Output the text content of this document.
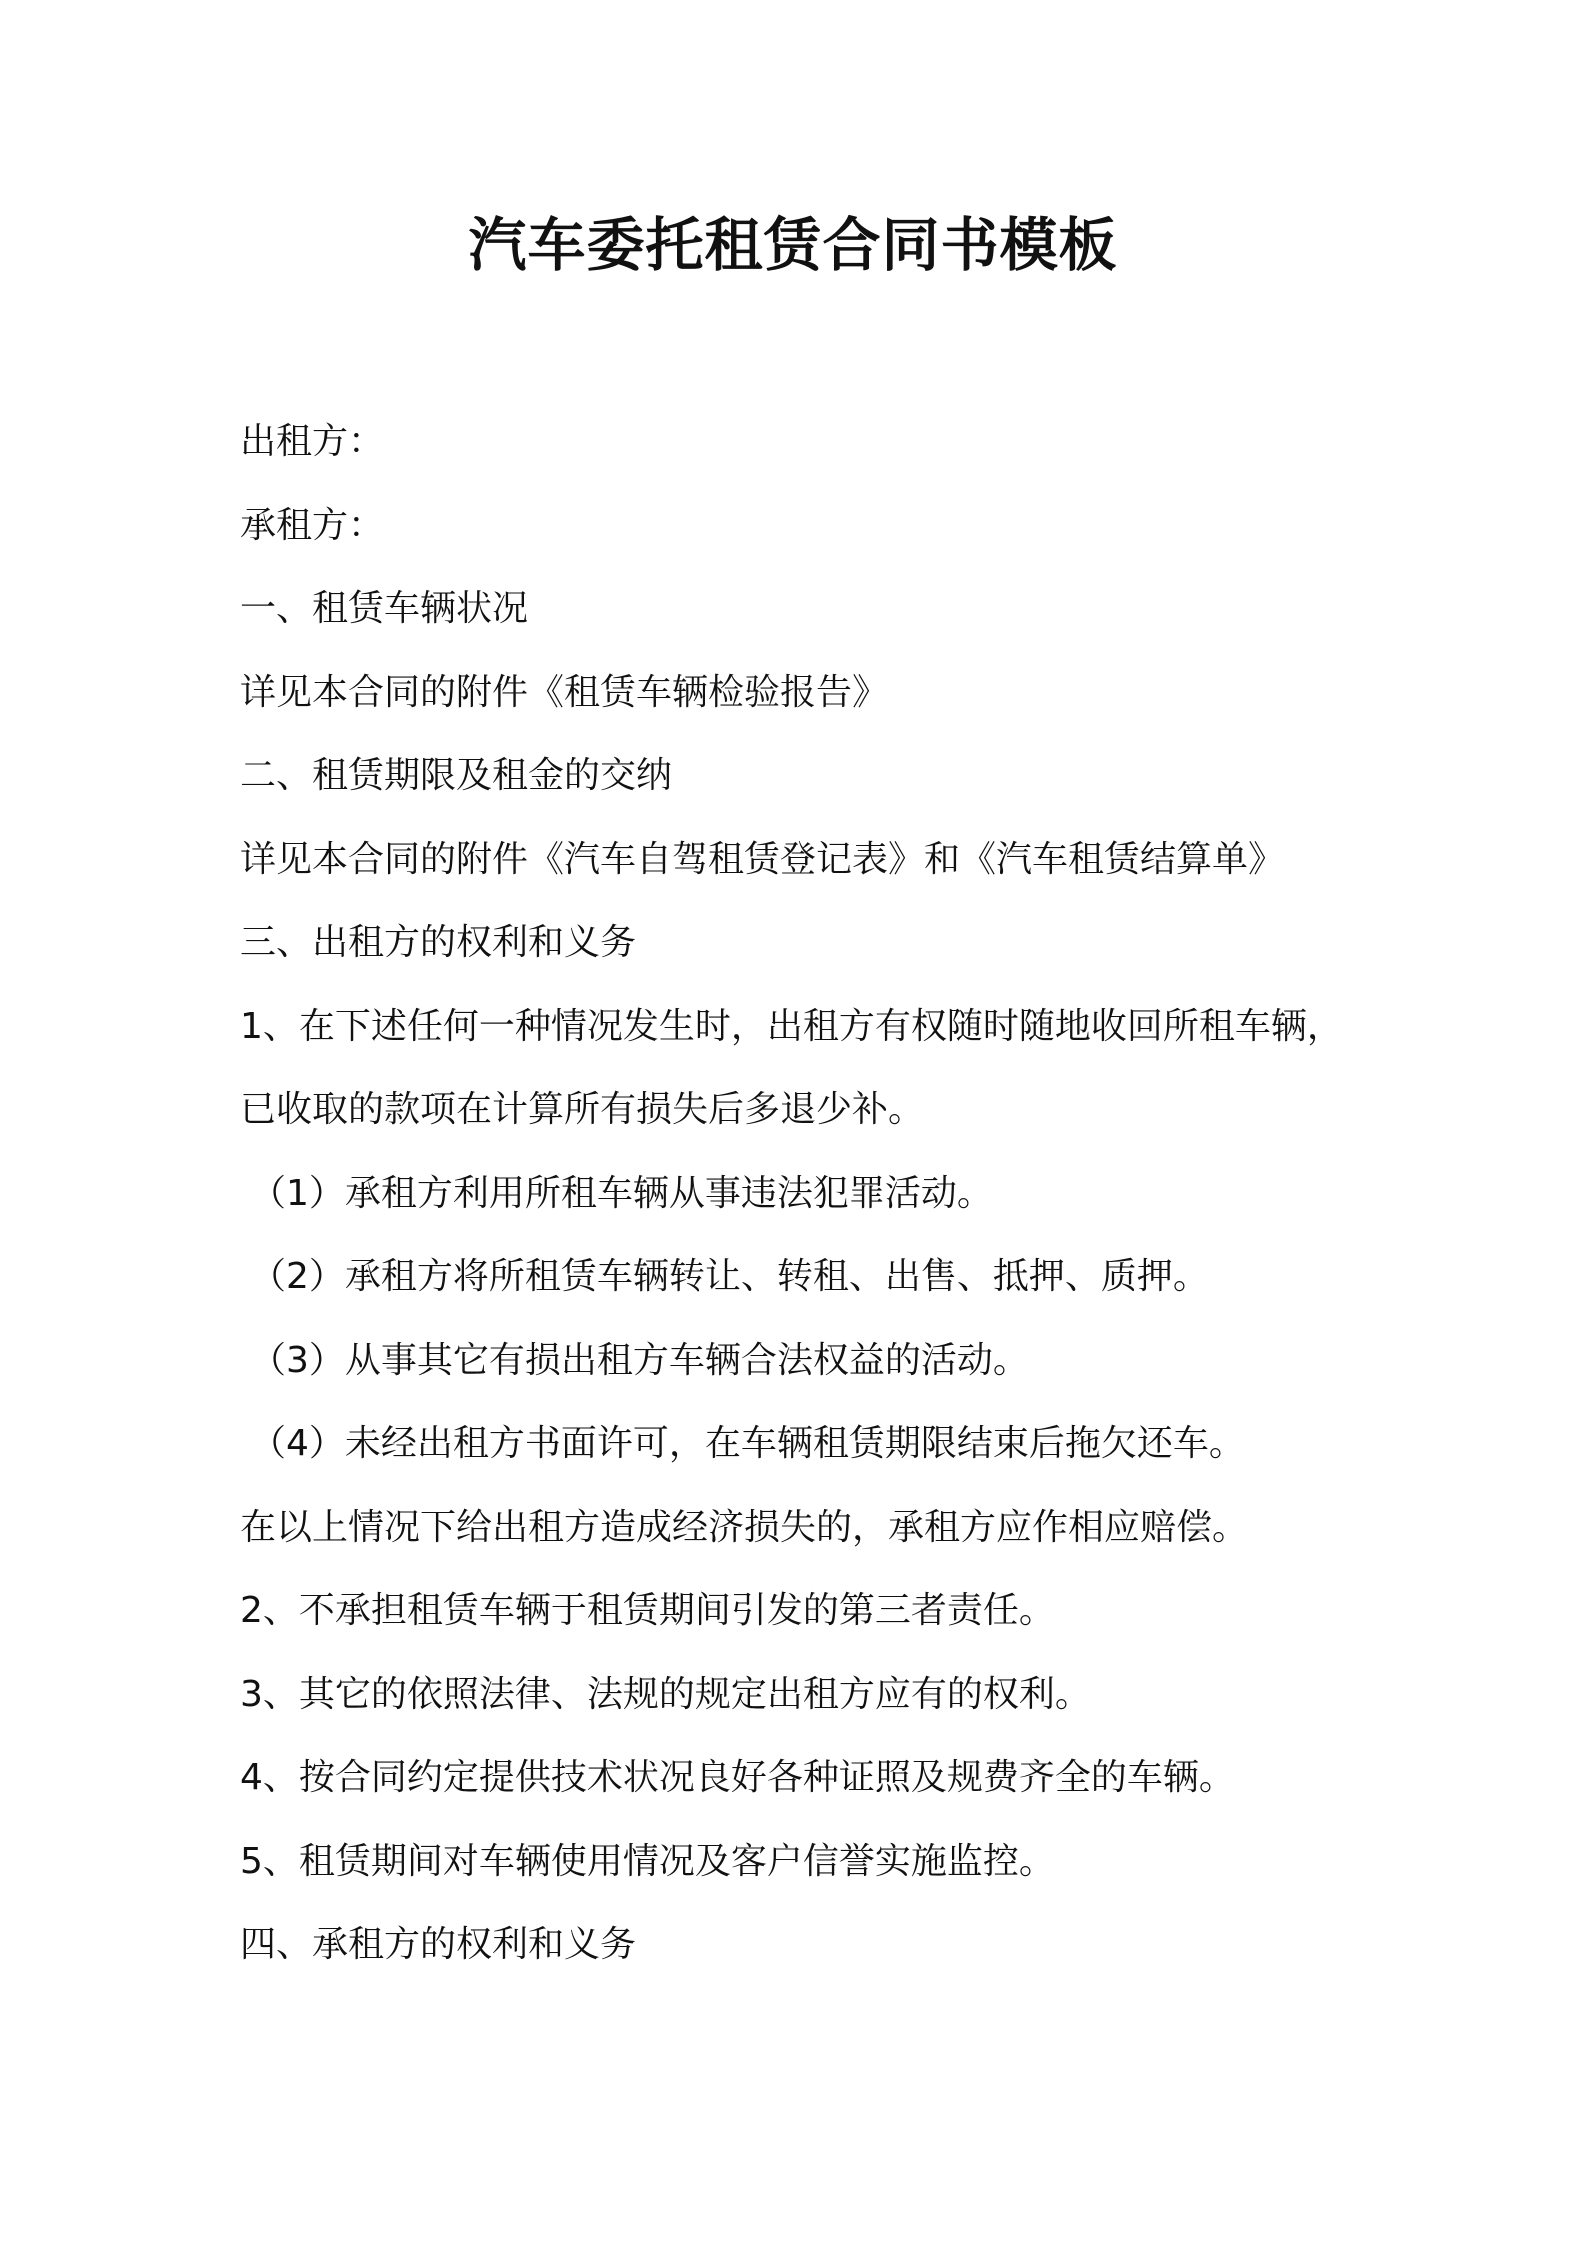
汽车委托租赁合同书模板

出租方：

承租方：

一、租赁车辆状况

详见本合同的附件《租赁车辆检验报告》

二、租赁期限及租金的交纳

详见本合同的附件《汽车自驾租赁登记表》和《汽车租赁结算单》

三、出租方的权利和义务

1、在下述任何一种情况发生时，出租方有权随时随地收回所租车辆，

已收取的款项在计算所有损失后多退少补。

（1）承租方利用所租车辆从事违法犯罪活动。

（2）承租方将所租赁车辆转让、转租、出售、抵押、质押。

（3）从事其它有损出租方车辆合法权益的活动。

（4）未经出租方书面许可，在车辆租赁期限结束后拖欠还车。

在以上情况下给出租方造成经济损失的，承租方应作相应赔偿。

2、不承担租赁车辆于租赁期间引发的第三者责任。

3、其它的依照法律、法规的规定出租方应有的权利。

4、按合同约定提供技术状况良好各种证照及规费齐全的车辆。

5、租赁期间对车辆使用情况及客户信誉实施监控。

四、承租方的权利和义务
